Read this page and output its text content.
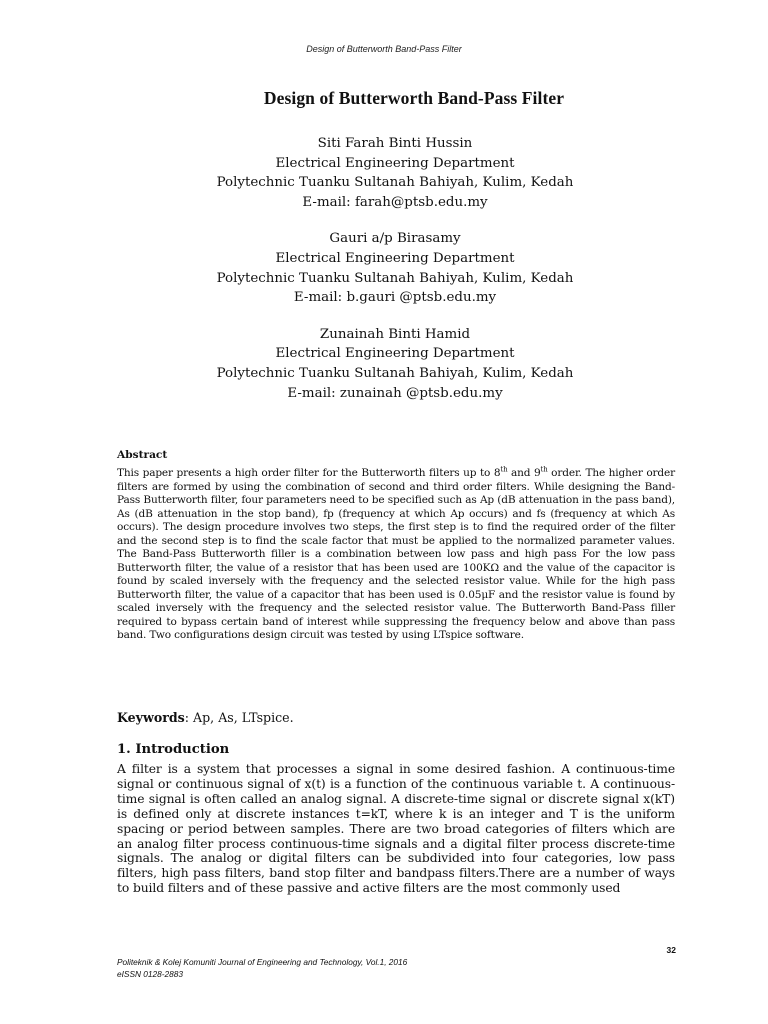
Design of Butterworth Band-Pass Filter
Design of Butterworth Band-Pass Filter
Siti Farah Binti Hussin
Electrical Engineering Department
Polytechnic Tuanku Sultanah Bahiyah, Kulim, Kedah
E-mail: farah@ptsb.edu.my
Gauri a/p Birasamy
Electrical Engineering Department
Polytechnic Tuanku Sultanah Bahiyah, Kulim, Kedah
E-mail: b.gauri @ptsb.edu.my
Zunainah Binti Hamid
Electrical Engineering Department
Polytechnic Tuanku Sultanah Bahiyah, Kulim, Kedah
E-mail: zunainah @ptsb.edu.my
Abstract
This paper presents a high order filter for the Butterworth filters up to 8th and 9th order. The higher order filters are formed by using the combination of second and third order filters. While designing the Band-Pass Butterworth filter, four parameters need to be specified such as Ap (dB attenuation in the pass band), As (dB attenuation in the stop band), fp (frequency at which Ap occurs) and fs (frequency at which As occurs). The design procedure involves two steps, the first step is to find the required order of the filter and the second step is to find the scale factor that must be applied to the normalized parameter values. The Band-Pass Butterworth filler is a combination between low pass and high pass For the low pass Butterworth filter, the value of a resistor that has been used are 100KΩ and the value of the capacitor is found by scaled inversely with the frequency and the selected resistor value. While for the high pass Butterworth filter, the value of a capacitor that has been used is 0.05μF and the resistor value is found by scaled inversely with the frequency and the selected resistor value. The Butterworth Band-Pass filler required to bypass certain band of interest while suppressing the frequency below and above than pass band. Two configurations design circuit was tested by using LTspice software.
Keywords: Ap, As, LTspice.
1. Introduction
A filter is a system that processes a signal in some desired fashion. A continuous-time signal or continuous signal of x(t) is a function of the continuous variable t. A continuous-time signal is often called an analog signal. A discrete-time signal or discrete signal x(kT) is defined only at discrete instances t=kT, where k is an integer and T is the uniform spacing or period between samples. There are two broad categories of filters which are an analog filter process continuous-time signals and a digital filter process discrete-time signals. The analog or digital filters can be subdivided into four categories, low pass filters, high pass filters, band stop filter and bandpass filters.There are a number of ways to build filters and of these passive and active filters are the most commonly used
32
Politeknik & Kolej Komuniti Journal of Engineering and Technology, Vol.1, 2016
eISSN 0128-2883
